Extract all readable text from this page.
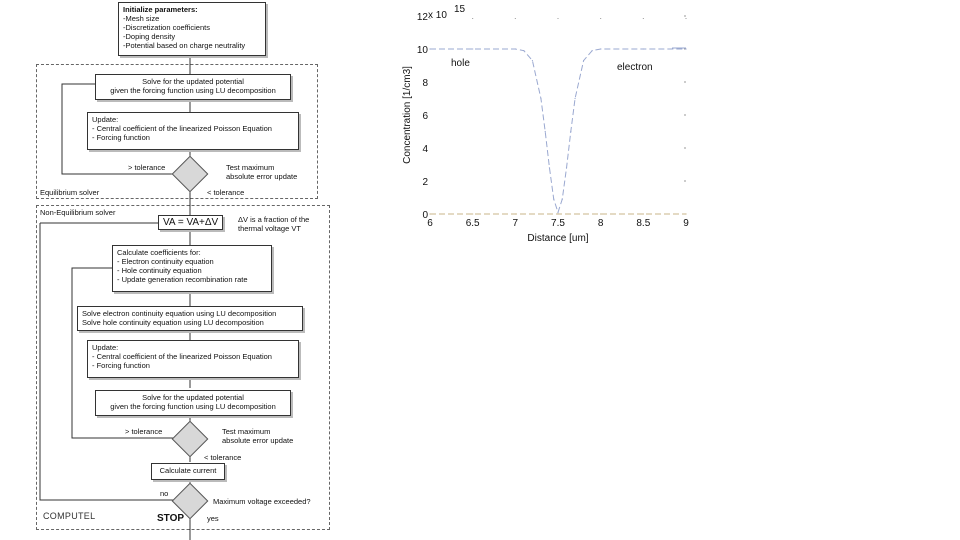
Initialize parameters:
-Mesh size
-Discretization coefficients
-Doping density
-Potential based on charge neutrality
Solve for the updated potential
given the forcing function using LU decomposition
Update:
- Central coefficient of the linearized Poisson Equation
- Forcing function
> tolerance	Test maximum
absolute error update
Equilibrium solver	< tolerance
Non-Equilibrium solver
VA = VA+ΔV	ΔV is a fraction of the
thermal voltage VT
Calculate coefficients for:
- Electron continuity equation
- Hole continuity equation
- Update generation recombination rate
Solve electron continuity equation using LU decomposition
Solve hole continuity equation using LU decomposition
Update:
- Central coefficient of the linearized Poisson Equation
- Forcing function
Solve for the updated potential
given the forcing function using LU decomposition
> tolerance	Test maximum
absolute error update
< tolerance
Calculate current
no
Maximum voltage exceeded?
STOP	yes
COMPUTEL
6	6.5	7	7.5	8	8.5	9
0
2
4
6
8
10
12 x 10
15
Distance [um]
Concentration [1/cm3]
hole	electron
